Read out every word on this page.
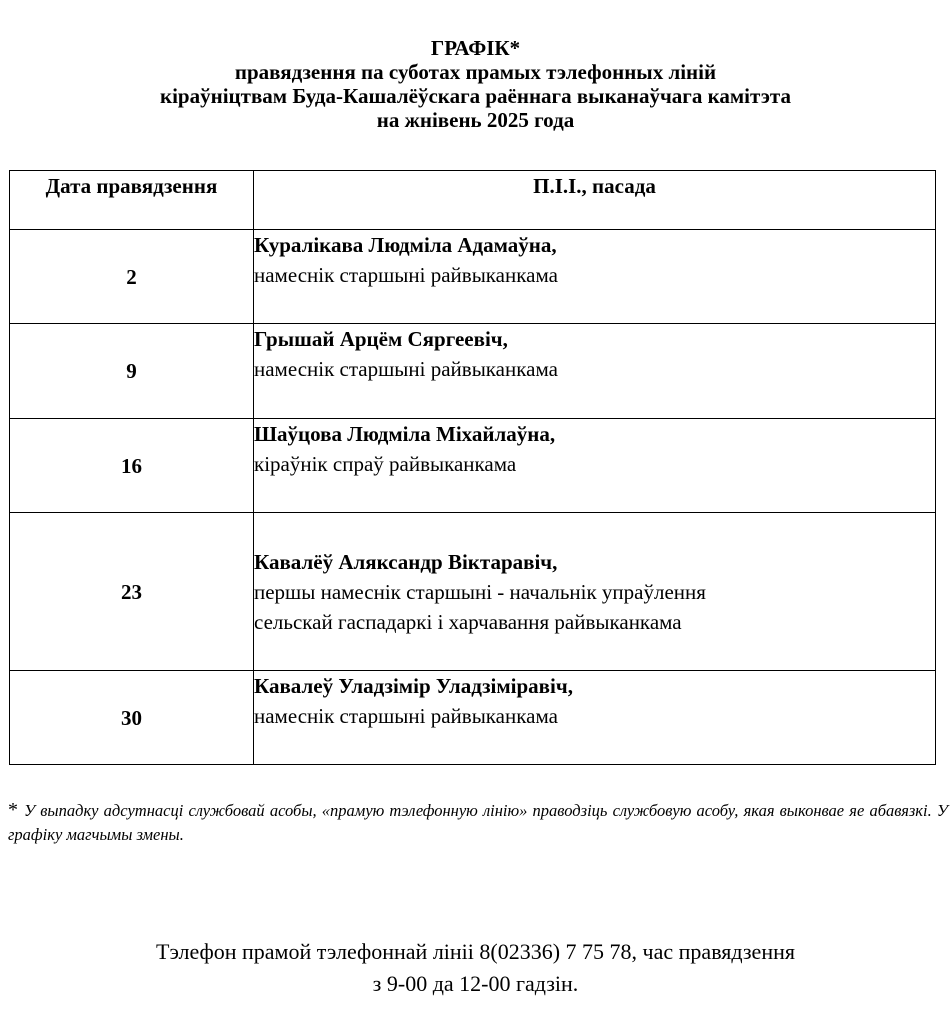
ГРАФІК*
правядзення па суботах прамых тэлефонных ліній
кіраўніцтвам Буда-Кашалёўскага раённага выканаўчага камітэта
на жнівень 2025 года
Дата правядзення	П.І.І., пасада
2	Куралікава Людміла Адамаўна,
намеснік старшыні райвыканкама

9	Грышай Арцём Сяргеевіч,
намеснік старшыні райвыканкама

16	Шаўцова Людміла Міхайлаўна,
кіраўнік спраў райвыканкама

23	Кавалёў Аляксандр Віктаравіч,
першы намеснік старшыні - начальнік упраўлення
сельскай гаспадаркі і харчавання райвыканкама

30	Кавалеў Уладзімір Уладзіміравіч,
намеснік старшыні райвыканкама
* У выпадку адсутнасці службовай асобы, «прамую тэлефонную лінію» праводзіць службовую асобу, якая выконвае яе абавязкі. У графіку магчымы змены.
Тэлефон прамой тэлефоннай лініі 8(02336) 7 75 78, час правядзення
з 9-00 да 12-00 гадзін.
